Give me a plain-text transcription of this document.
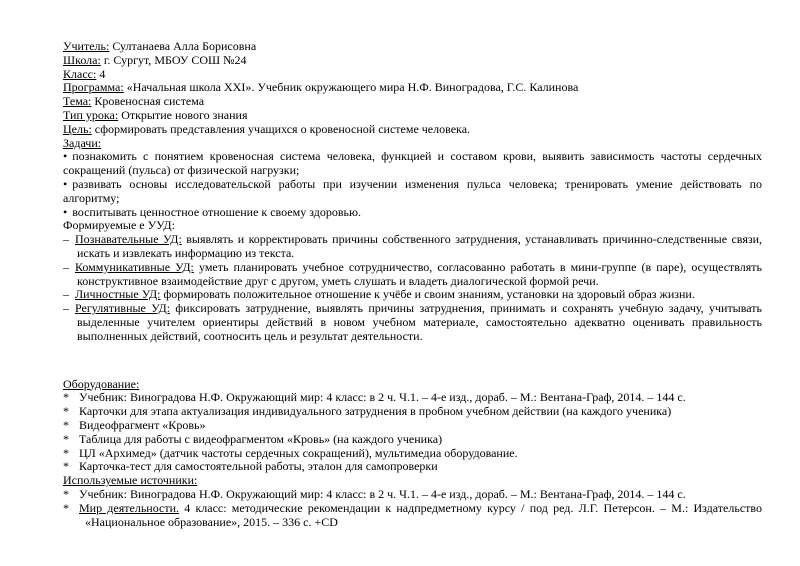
Учитель: Султанаева Алла Борисовна

Школа: г. Сургут, МБОУ СОШ №24

Класс: 4

Программа: «Начальная школа XXI». Учебник окружающего мира Н.Ф. Виноградова, Г.С. Калинова

Тема: Кровеносная система

Тип урока: Открытие нового знания

Цель: сформировать представления учащихся о кровеносной системе человека.

Задачи:

• познакомить с понятием кровеносная система человека, функцией и составом крови, выявить зависимость частоты сердечных сокращений (пульса) от физической нагрузки;

• развивать основы исследовательской работы при изучении изменения пульса человека; тренировать умение действовать по алгоритму;

• воспитывать ценностное отношение к своему здоровью.

Формируемые е УУД:

– Познавательные УД: выявлять и корректировать причины собственного затруднения, устанавливать причинно-следственные связи, искать и извлекать информацию из текста.

– Коммуникативные УД: уметь планировать учебное сотрудничество, согласованно работать в мини-группе (в паре), осуществлять конструктивное взаимодействие друг с другом, уметь слушать и владеть диалогической формой речи.

– Личностные УД: формировать положительное отношение к учёбе и своим знаниям, установки на здоровый образ жизни.

– Регулятивные УД: фиксировать затруднение, выявлять причины затруднения, принимать и сохранять учебную задачу, учитывать выделенные учителем ориентиры действий в новом учебном материале, самостоятельно адекватно оценивать правильность выполненных действий, соотносить цель и результат деятельности.

Оборудование:

* Учебник: Виноградова Н.Ф. Окружающий мир: 4 класс: в 2 ч. Ч.1. – 4-е изд., дораб. – М.: Вентана-Граф, 2014. – 144 с.

* Карточки для этапа актуализация индивидуального затруднения в пробном учебном действии (на каждого ученика)

* Видеофрагмент «Кровь»

* Таблица для работы с видеофрагментом «Кровь» (на каждого ученика)

* ЦЛ «Архимед» (датчик частоты сердечных сокращений), мультимедиа оборудование.

* Карточка-тест для самостоятельной работы, эталон для самопроверки

Используемые источники:

* Учебник: Виноградова Н.Ф. Окружающий мир: 4 класс: в 2 ч. Ч.1. – 4-е изд., дораб. – М.: Вентана-Граф, 2014. – 144 с.

* Мир деятельности. 4 класс: методические рекомендации к надпредметному курсу / под ред. Л.Г. Петерсон. – М.: Издательство «Национальное образование», 2015. – 336 с. +CD
